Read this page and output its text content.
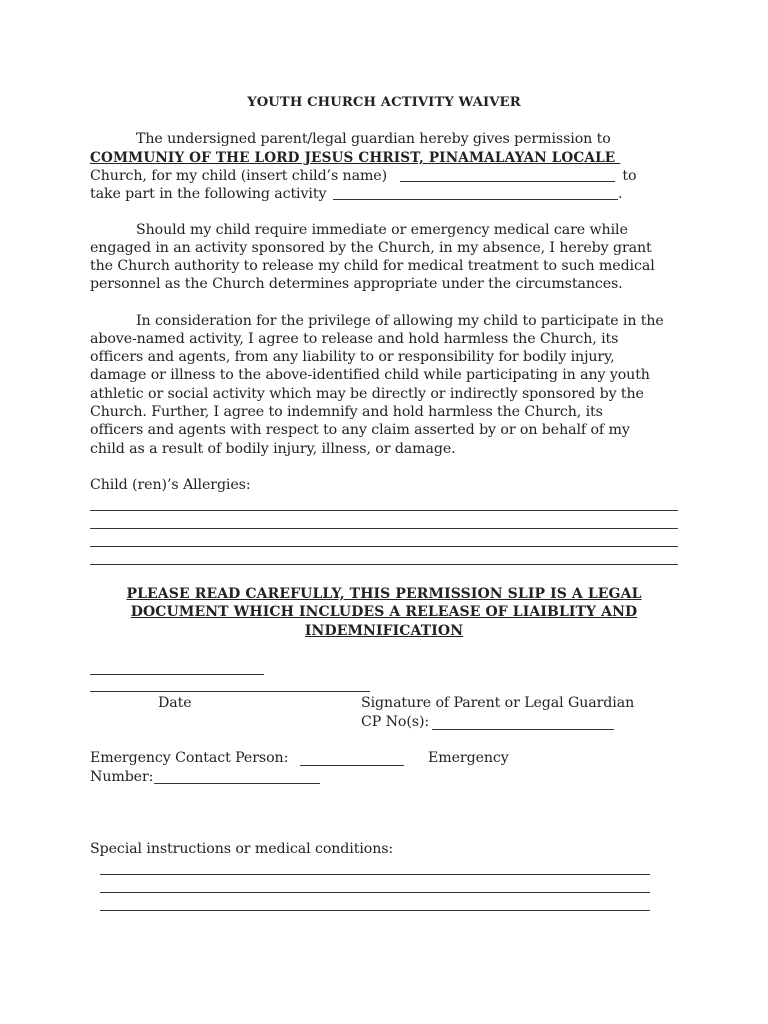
YOUTH CHURCH ACTIVITY WAIVER
The undersigned parent/legal guardian hereby gives permission to
COMMUNIY OF THE LORD JESUS CHRIST, PINAMALAYAN LOCALE
Church, for my child (insert child’s name)	to
take part in the following activity	.
Should my child require immediate or emergency medical care while
engaged in an activity sponsored by the Church, in my absence, I hereby grant
the Church authority to release my child for medical treatment to such medical
personnel as the Church determines appropriate under the circumstances.
In consideration for the privilege of allowing my child to participate in the
above-named activity, I agree to release and hold harmless the Church, its
officers and agents, from any liability to or responsibility for bodily injury,
damage or illness to the above-identified child while participating in any youth
athletic or social activity which may be directly or indirectly sponsored by the
Church. Further, I agree to indemnify and hold harmless the Church, its
officers and agents with respect to any claim asserted by or on behalf of my
child as a result of bodily injury, illness, or damage.
Child (ren)’s Allergies:
PLEASE READ CAREFULLY, THIS PERMISSION SLIP IS A LEGAL
DOCUMENT WHICH INCLUDES A RELEASE OF LIAIBLITY AND
INDEMNIFICATION
Date	Signature of Parent or Legal Guardian
CP No(s):
Emergency Contact Person:	Emergency
Number:
Special instructions or medical conditions:
